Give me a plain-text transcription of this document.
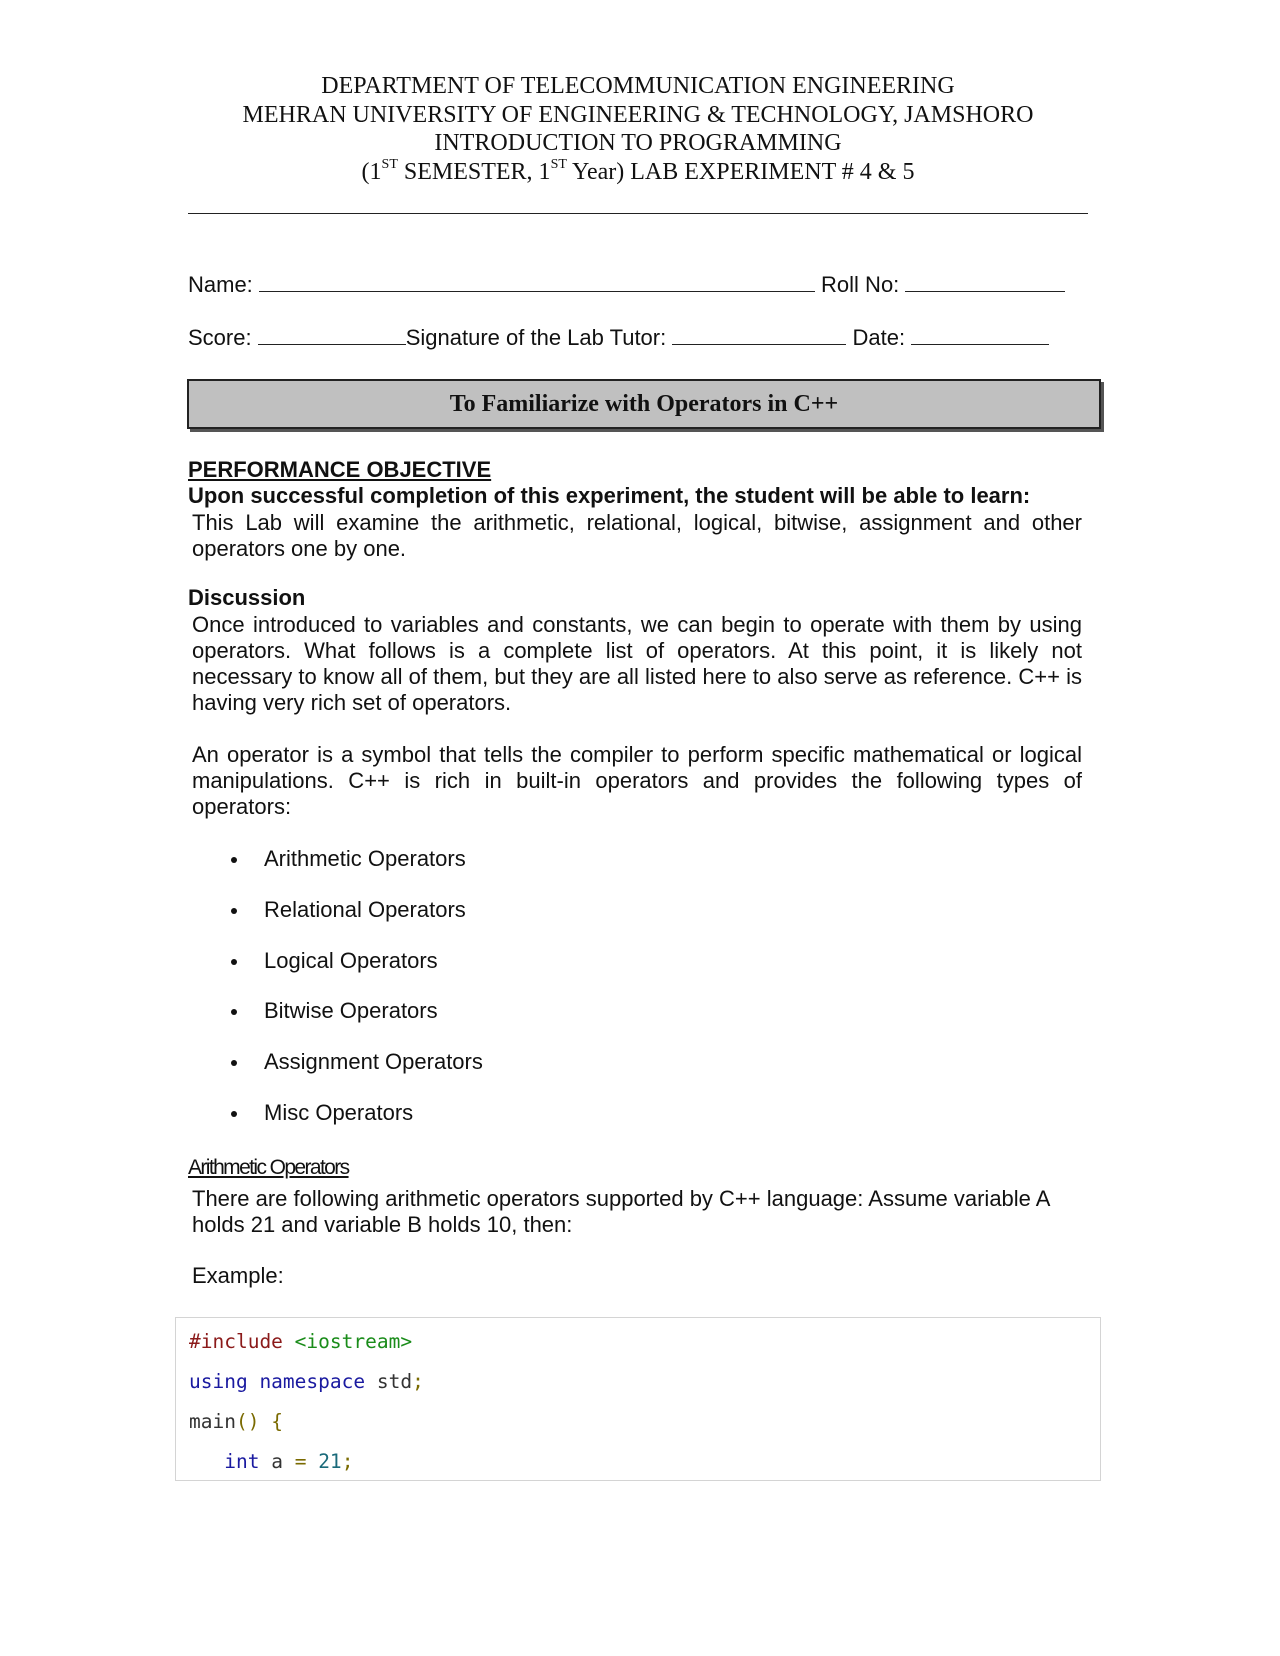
DEPARTMENT OF TELECOMMUNICATION ENGINEERING
MEHRAN UNIVERSITY OF ENGINEERING & TECHNOLOGY, JAMSHORO
INTRODUCTION TO PROGRAMMING
(1ST SEMESTER, 1ST Year) LAB EXPERIMENT # 4 & 5
Name:	Roll No:
Score:	Signature of the Lab Tutor:	Date:
To Familiarize with Operators in C++
PERFORMANCE OBJECTIVE
Upon successful completion of this experiment, the student will be able to learn:
This Lab will examine the arithmetic, relational, logical, bitwise, assignment and other operators one by one.
Discussion
Once introduced to variables and constants, we can begin to operate with them by using operators. What follows is a complete list of operators. At this point, it is likely not necessary to know all of them, but they are all listed here to also serve as reference. C++ is having very rich set of operators.
An operator is a symbol that tells the compiler to perform specific mathematical or logical manipulations. C++ is rich in built-in operators and provides the following types of operators:
Arithmetic Operators
Relational Operators
Logical Operators
Bitwise Operators
Assignment Operators
Misc Operators
Arithmetic Operators
There are following arithmetic operators supported by C++ language: Assume variable A holds 21 and variable B holds 10, then:
Example:
#include <iostream>
using namespace std;
main() {
int a = 21;
